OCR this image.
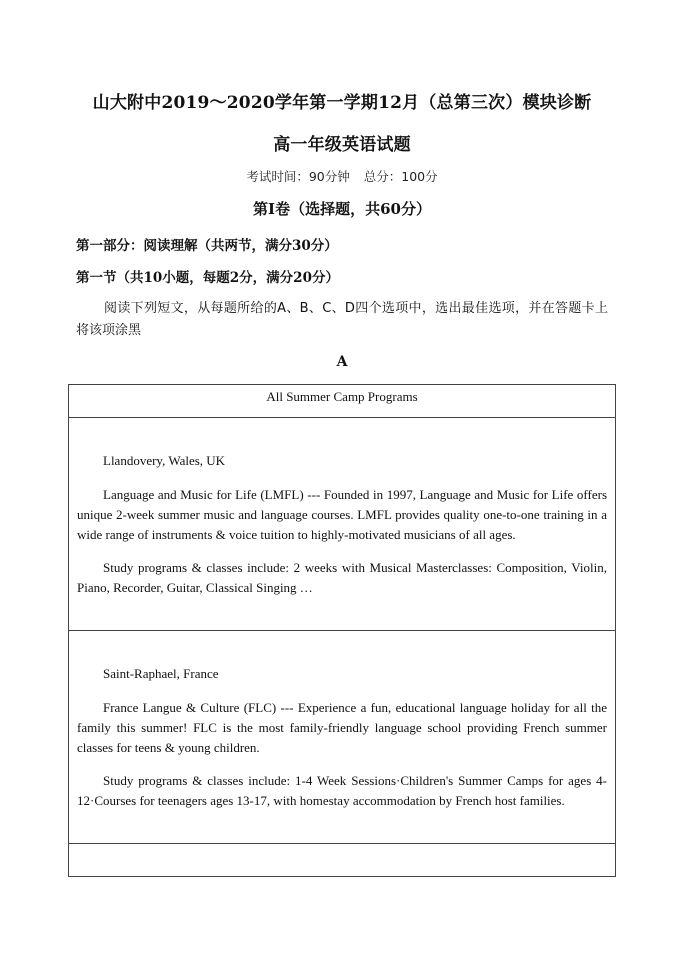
山大附中2019～2020学年第一学期12月（总第三次）模块诊断
高一年级英语试题
考试时间：90分钟 总分：100分
第Ⅰ卷（选择题，共60分）
第一部分：阅读理解（共两节，满分30分）
第一节（共10小题，每题2分，满分20分）
阅读下列短文，从每题所给的A、B、C、D四个选项中，选出最佳选项，并在答题卡上将该项涂黑
A
All Summer Camp Programs

Llandovery, Wales, UK

Language and Music for Life (LMFL) --- Founded in 1997, Language and Music for Life offers unique 2-week summer music and language courses. LMFL provides quality one-to-one training in a wide range of instruments & voice tuition to highly-motivated musicians of all ages.

Study programs & classes include: 2 weeks with Musical Masterclasses: Composition, Violin, Piano, Recorder, Guitar, Classical Singing …

Saint-Raphael, France

France Langue & Culture (FLC) --- Experience a fun, educational language holiday for all the family this summer! FLC is the most family-friendly language school providing French summer classes for teens & young children.

Study programs & classes include: 1-4 Week Sessions·Children's Summer Camps for ages 4-12·Courses for teenagers ages 13-17, with homestay accommodation by French host families.
